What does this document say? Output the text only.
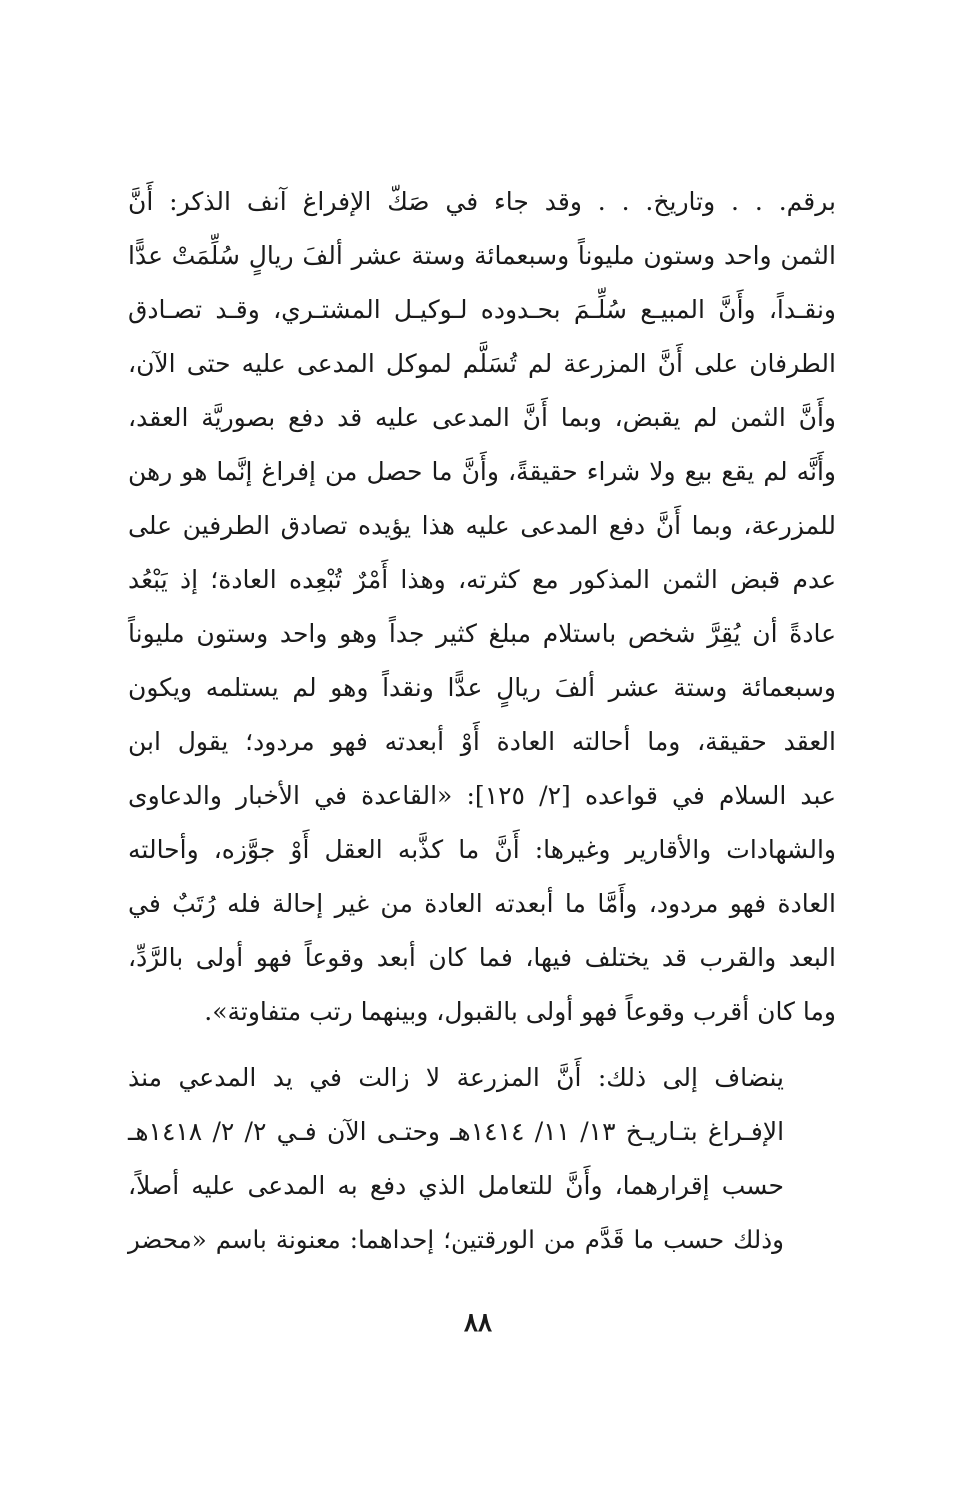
برقم. . . وتاريخ. . . وقد جاء في صَكّ الإفراغ آنف الذكر: أَنَّ
الثمن واحد وستون مليوناً وسبعمائة وستة عشر ألفَ ريالٍ سُلِّمَتْ عدًّا
ونقـداً، وأَنَّ المبيـع سُلِّـمَ بحـدوده لـوكيـل المشتـري، وقـد تصـادق
الطرفان على أَنَّ المزرعة لم تُسَلَّم لموكل المدعى عليه حتى الآن،
وأَنَّ الثمن لم يقبض، وبما أَنَّ المدعى عليه قد دفع بصوريَّة العقد،
وأَنَّه لم يقع بيع ولا شراء حقيقةً، وأَنَّ ما حصل من إفراغ إنَّما هو رهن
للمزرعة، وبما أَنَّ دفع المدعى عليه هذا يؤيده تصادق الطرفين على
عدم قبض الثمن المذكور مع كثرته، وهذا أَمْرٌ تُبْعِده العادة؛ إذ يَبْعُد
عادةً أن يُقِرَّ شخص باستلام مبلغ كثير جداً وهو واحد وستون مليوناً
وسبعمائة وستة عشر ألفَ ريالٍ عدًّا ونقداً وهو لم يستلمه ويكون
العقد حقيقة، وما أحالته العادة أَوْ أبعدته فهو مردود؛ يقول ابن
عبد السلام في قواعده [٢/ ١٢٥]: «القاعدة في الأخبار والدعاوى
والشهادات والأقارير وغيرها: أَنَّ ما كذَّبه العقل أَوْ جوَّزه، وأحالته
العادة فهو مردود، وأَمَّا ما أبعدته العادة من غير إحالة فله رُتَبٌ في
البعد والقرب قد يختلف فيها، فما كان أبعد وقوعاً فهو أولى بالرَّدِّ،
وما كان أقرب وقوعاً فهو أولى بالقبول، وبينهما رتب متفاوتة».

ينضاف إلى ذلك: أَنَّ المزرعة لا زالت في يد المدعي منذ
الإفـراغ بتـاريـخ ١٣/ ١١/ ١٤١٤هـ وحتـى الآن فـي ٢/ ٢/ ١٤١٨هـ
حسب إقرارهما، وأَنَّ للتعامل الذي دفع به المدعى عليه أصلاً،
وذلك حسب ما قَدَّم من الورقتين؛ إحداهما: معنونة باسم «محضر

٨٨
